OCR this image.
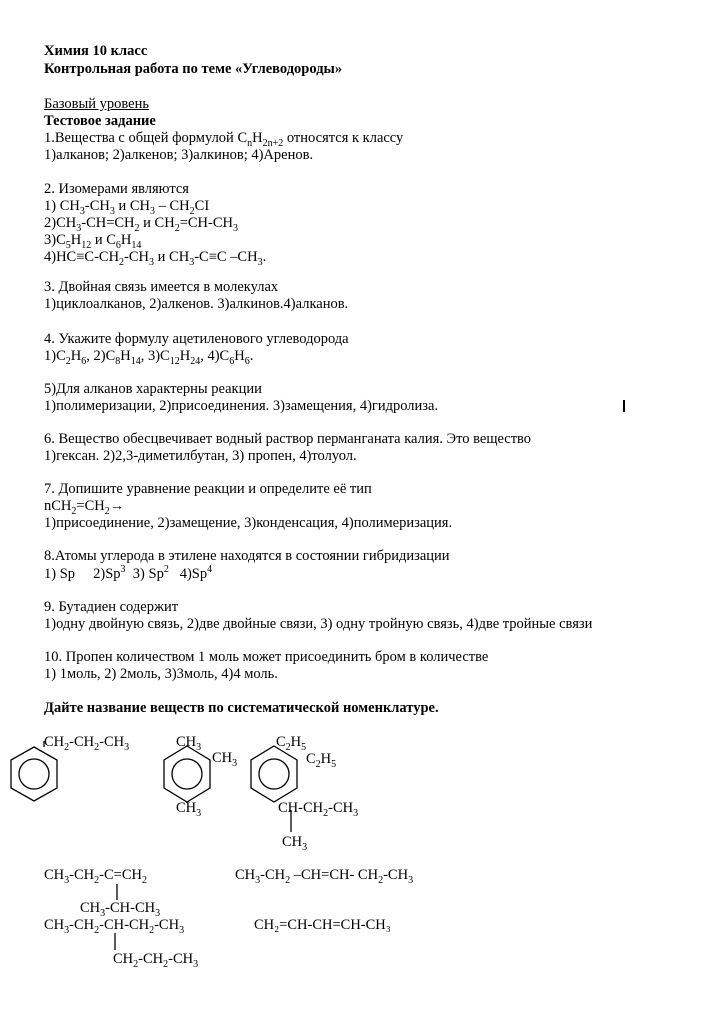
Химия 10 класс
Контрольная работа по теме «Углеводороды»
Базовый уровень
Тестовое задание
1.Вещества с общей формулой $C_nH_{2n+2}$ относятся к классу
1)алканов; 2)алкенов; 3)алкинов; 4)Аренов.
2. Изомерами являются
1) $CH_3-CH_3$ и $CH_3 - CH_2CI$
$2)CH_3-CH=CH_2$ и $CH_2=CH-CH_3$
$3)C_5H_{12}$ и $C_6H_{14}$
$4)HC\equiv C-CH_2-CH_3$ и $CH_3-C\equiv C$ $-CH_3$.
3. Двойная связь имеется в молекулах
1)циклоалканов, 2)алкенов. 3)алкинов.4)алканов.
4. Укажите формулу ацетиленового углеводорода
$1)C_2H_6$, $2)C_8H_{14}$, $3)C_{12}H_{24}$, $4)C_6H_6$.
5)Для алканов характерны реакции
1)полимеризации, 2)присоединения. 3)замещения, 4)гидролиза.
6. Вещество обесцвечивает водный раствор перманганата калия. Это вещество
1)гексан. 2)2,3-диметилбутан, 3) пропен, 4)толуол.
7. Допишите уравнение реакции и определите её тип
$nCH_2=CH_2\to$
1)присоединение, 2)замещение, 3)конденсация, 4)полимеризация.
8.Атомы углерода в этилене находятся в состоянии гибридизации
1) Sp     2)Sp$^3$  3) Sp$^2$   4)Sp$^4$
9. Бутадиен содержит
1)одну двойную связь, 2)две двойные связи, 3) одну тройную связь, 4)две тройные связи
10. Пропен количеством 1 моль может присоединить бром в количестве
1) 1моль, 2) 2моль, 3)3моль, 4)4 моль.
Дайте название веществ по систематической номенклатуре.
$CH_2-CH_2-CH_3$	$CH_3$
$CH_3$
$CH_3$
$C_2H_5$
$C_2H_5$
$CH-CH_2-CH_3$
$CH_3$
$CH_3-CH_2-C=CH_2$
$CH_3-CH-CH_3$
$CH_3-CH_2-CH-CH_2-CH_3$
$CH_2-CH_2-CH_3$
$CH_3-CH_2$ –CH=CH- $CH_2-CH_3$
CH₂=CH-CH=CH-CH₃
